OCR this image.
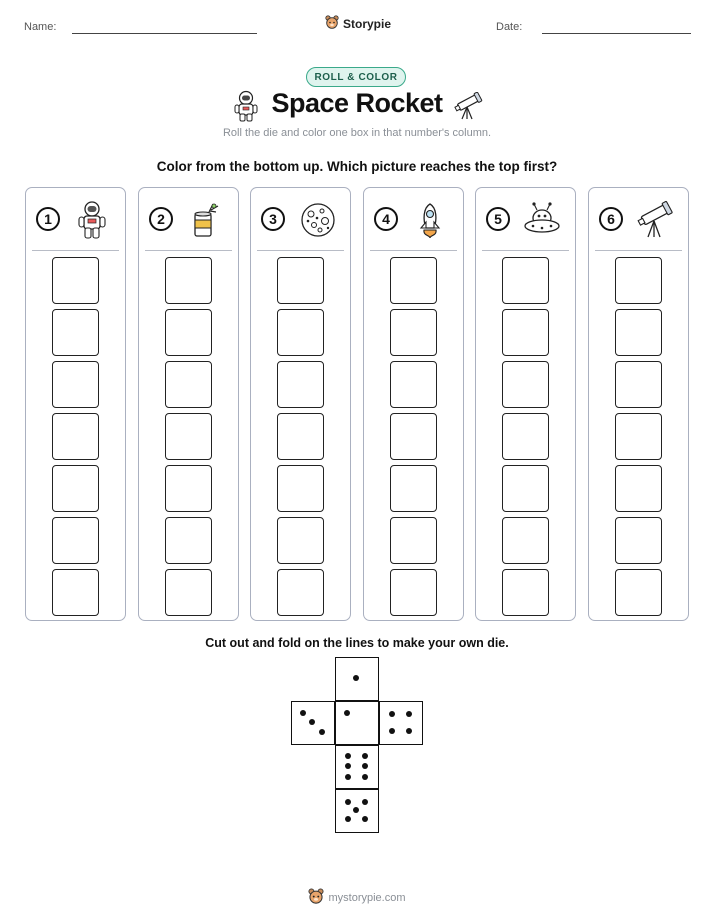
Name:	Storypie	Date:
ROLL & COLOR
Space Rocket
Roll the die and color one box in that number's column.
Color from the bottom up. Which picture reaches the top first?
1	2	3	4	5	6
Cut out and fold on the lines to make your own die.
mystorypie.com
